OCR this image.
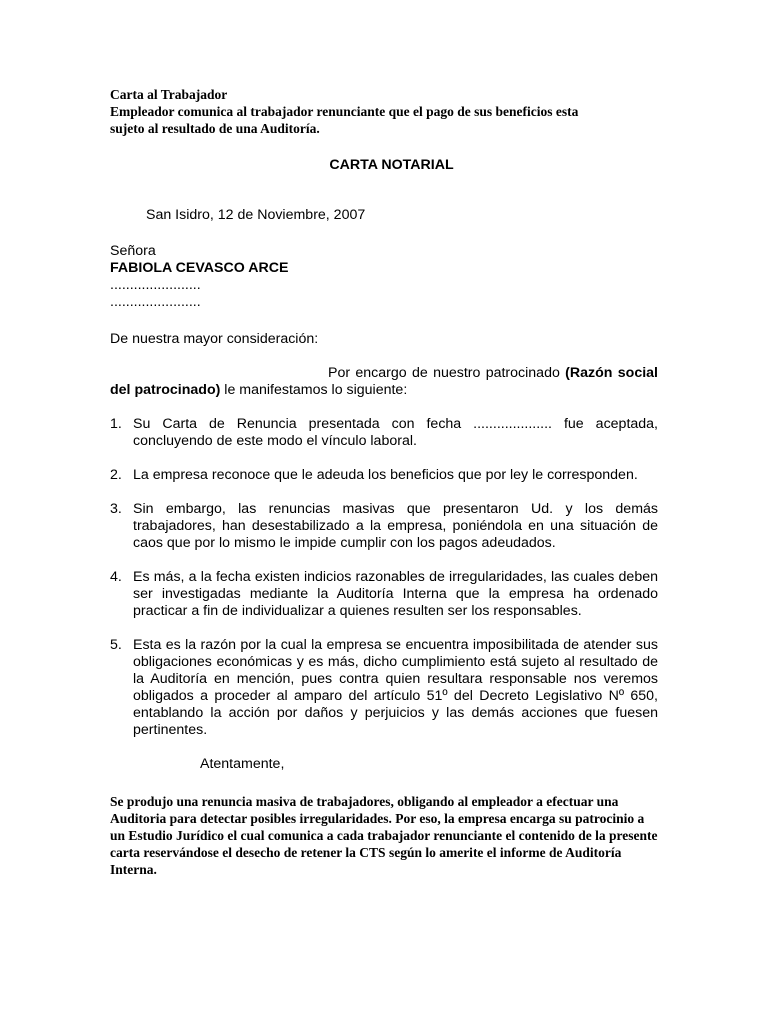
Carta al Trabajador
Empleador comunica al trabajador renunciante que el pago de sus beneficios esta
sujeto al resultado de una Auditoría.
CARTA NOTARIAL
San Isidro, 12 de Noviembre, 2007
Señora
FABIOLA CEVASCO ARCE
.......................
.......................
De nuestra mayor consideración:
Por encargo de nuestro patrocinado (Razón social del patrocinado) le manifestamos lo siguiente:
1. Su Carta de Renuncia presentada con fecha .................... fue aceptada, concluyendo de este modo el vínculo laboral.
2. La empresa reconoce que le adeuda los beneficios que por ley le corresponden.
3. Sin embargo, las renuncias masivas que presentaron Ud. y los demás trabajadores, han desestabilizado a la empresa, poniéndola en una situación de caos que por lo mismo le impide cumplir con los pagos adeudados.
4. Es más, a la fecha existen indicios razonables de irregularidades, las cuales deben ser investigadas mediante la Auditoría Interna que la empresa ha ordenado practicar a fin de individualizar a quienes resulten ser los responsables.
5. Esta es la razón por la cual la empresa se encuentra imposibilitada de atender sus obligaciones económicas y es más, dicho cumplimiento está sujeto al resultado de la Auditoría en mención, pues contra quien resultara responsable nos veremos obligados a proceder al amparo del artículo 51º del Decreto Legislativo Nº 650, entablando la acción por daños y perjuicios y las demás acciones que fuesen pertinentes.
Atentamente,
Se produjo una renuncia masiva de trabajadores, obligando al empleador a efectuar una Auditoria para detectar posibles irregularidades. Por eso, la empresa encarga su patrocinio a un Estudio Jurídico el cual comunica a cada trabajador renunciante el contenido de la presente carta reservándose el desecho de retener la CTS según lo amerite el informe de Auditoría Interna.
